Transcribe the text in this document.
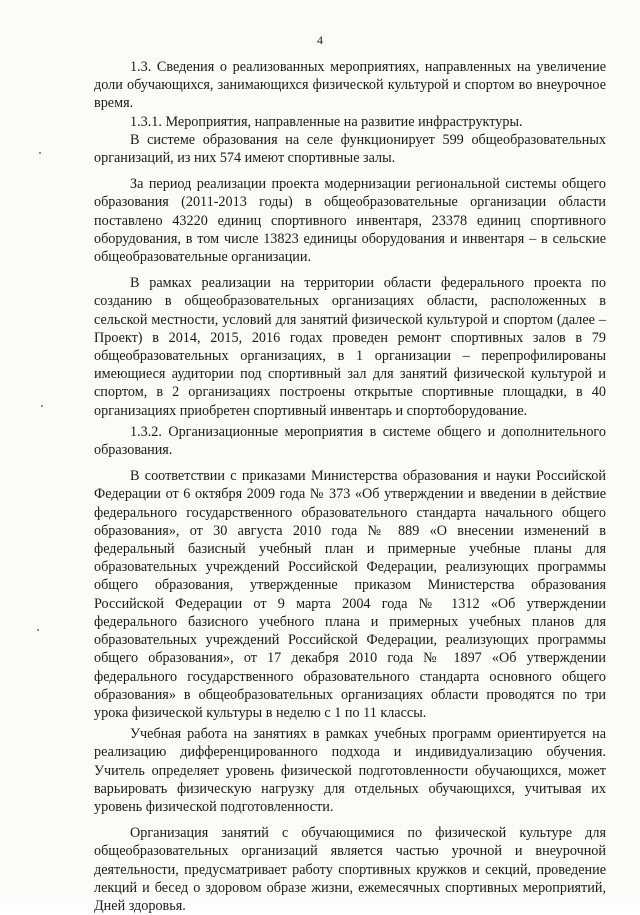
4

1.3. Сведения о реализованных мероприятиях, направленных на увеличение доли обучающихся, занимающихся физической культурой и спортом во внеурочное время.

1.3.1. Мероприятия, направленные на развитие инфраструктуры.

В системе образования на селе функционирует 599 общеобразовательных организаций, из них 574 имеют спортивные залы.

За период реализации проекта модернизации региональной системы общего образования (2011-2013 годы) в общеобразовательные организации области поставлено 43220 единиц спортивного инвентаря, 23378 единиц спортивного оборудования, в том числе 13823 единицы оборудования и инвентаря – в сельские общеобразовательные организации.

В рамках реализации на территории области федерального проекта по созданию в общеобразовательных организациях области, расположенных в сельской местности, условий для занятий физической культурой и спортом (далее – Проект) в 2014, 2015, 2016 годах проведен ремонт спортивных залов в 79 общеобразовательных организациях, в 1 организации – перепрофилированы имеющиеся аудитории под спортивный зал для занятий физической культурой и спортом, в 2 организациях построены открытые спортивные площадки, в 40 организациях приобретен спортивный инвентарь и спортоборудование.

1.3.2. Организационные мероприятия в системе общего и дополнительного образования.

В соответствии с приказами Министерства образования и науки Российской Федерации от 6 октября 2009 года № 373 «Об утверждении и введении в действие федерального государственного образовательного стандарта начального общего образования», от 30 августа 2010 года № 889 «О внесении изменений в федеральный базисный учебный план и примерные учебные планы для образовательных учреждений Российской Федерации, реализующих программы общего образования, утвержденные приказом Министерства образования Российской Федерации от 9 марта 2004 года № 1312 «Об утверждении федерального базисного учебного плана и примерных учебных планов для образовательных учреждений Российской Федерации, реализующих программы общего образования», от 17 декабря 2010 года № 1897 «Об утверждении федерального государственного образовательного стандарта основного общего образования» в общеобразовательных организациях области проводятся по три урока физической культуры в неделю с 1 по 11 классы.

Учебная работа на занятиях в рамках учебных программ ориентируется на реализацию дифференцированного подхода и индивидуализацию обучения. Учитель определяет уровень физической подготовленности обучающихся, может варьировать физическую нагрузку для отдельных обучающихся, учитывая их уровень физической подготовленности.

Организация занятий с обучающимися по физической культуре для общеобразовательных организаций является частью урочной и внеурочной деятельности, предусматривает работу спортивных кружков и секций, проведение лекций и бесед о здоровом образе жизни, ежемесячных спортивных мероприятий, Дней здоровья.
